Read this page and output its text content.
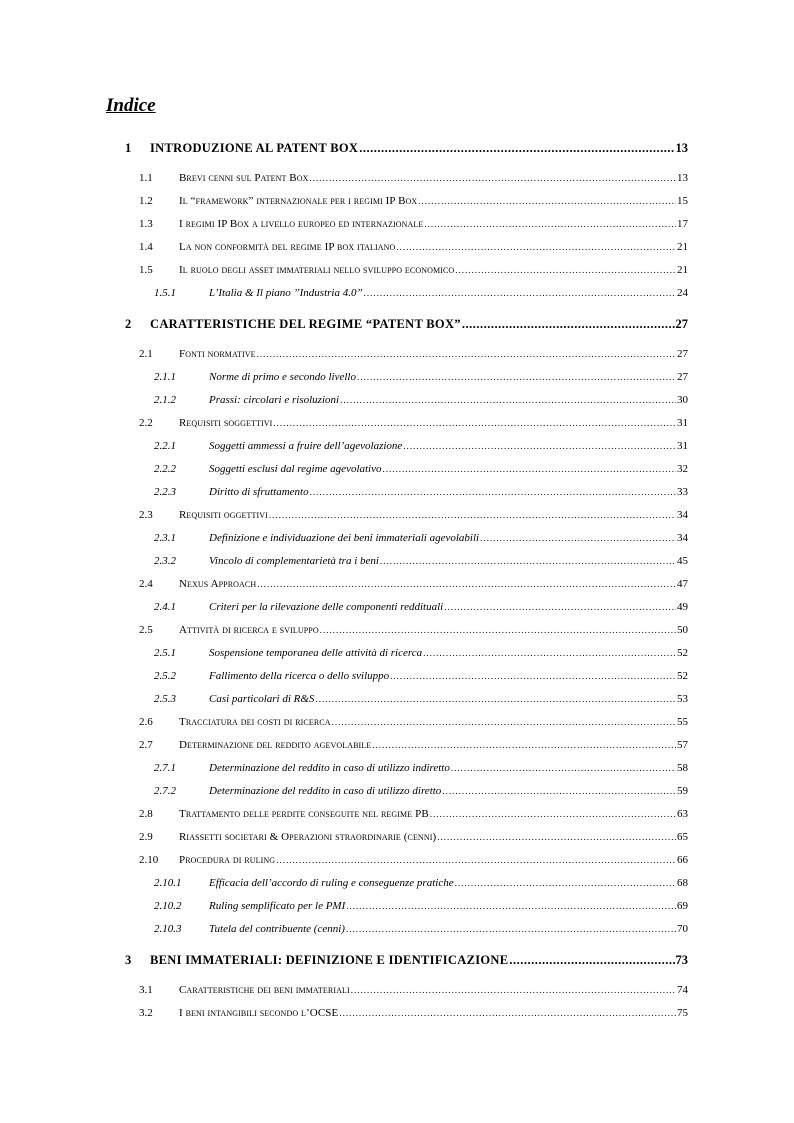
Indice
1 INTRODUZIONE AL PATENT BOX .....	13
1.1 Brevi cenni sul Patent Box .....	13
1.2 Il “framework” internazionale per i regimi IP Box .....	15
1.3 I regimi IP Box a livello europeo ed internazionale .....	17
1.4 La non conformità del regime IP box italiano .....	21
1.5 Il ruolo degli asset immateriali nello sviluppo economico .....	21
1.5.1	L’Italia & Il piano ’’Industria 4.0’’ .....	24
2 CARATTERISTICHE DEL REGIME “PATENT BOX” .....	27
2.1 Fonti normative .....	27
2.1.1	Norme di primo e secondo livello .....	27
2.1.2	Prassi: circolari e risoluzioni .....	30
2.2 Requisiti soggettivi .....	31
2.2.1	Soggetti ammessi a fruire dell’agevolazione .....	31
2.2.2	Soggetti esclusi dal regime agevolativo .....	32
2.2.3	Diritto di sfruttamento .....	33
2.3 Requisiti oggettivi .....	34
2.3.1	Definizione e individuazione dei beni immateriali agevolabili .....	34
2.3.2	Vincolo di complementarietà tra i beni .....	45
2.4 Nexus Approach .....	47
2.4.1	Criteri per la rilevazione delle componenti reddituali .....	49
2.5 Attività di ricerca e sviluppo .....	50
2.5.1	Sospensione temporanea delle attività di ricerca .....	52
2.5.2	Fallimento della ricerca o dello sviluppo .....	52
2.5.3	Casi particolari di R&S .....	53
2.6 Tracciatura dei costi di ricerca .....	55
2.7 Determinazione del reddito agevolabile .....	57
2.7.1	Determinazione del reddito in caso di utilizzo indiretto .....	58
2.7.2	Determinazione del reddito in caso di utilizzo diretto .....	59
2.8 Trattamento delle perdite conseguite nel regime PB .....	63
2.9 Riassetti societari & Operazioni straordinarie (cenni) .....	65
2.10 Procedura di ruling .....	66
2.10.1	Efficacia dell’accordo di ruling e conseguenze pratiche .....	68
2.10.2	Ruling semplificato per le PMI .....	69
2.10.3	Tutela del contribuente (cenni) .....	70
3 BENI IMMATERIALI: DEFINIZIONE E IDENTIFICAZIONE .....	73
3.1 Caratteristiche dei beni immateriali .....	74
3.2 I beni intangibili secondo l’OCSE .....	75
